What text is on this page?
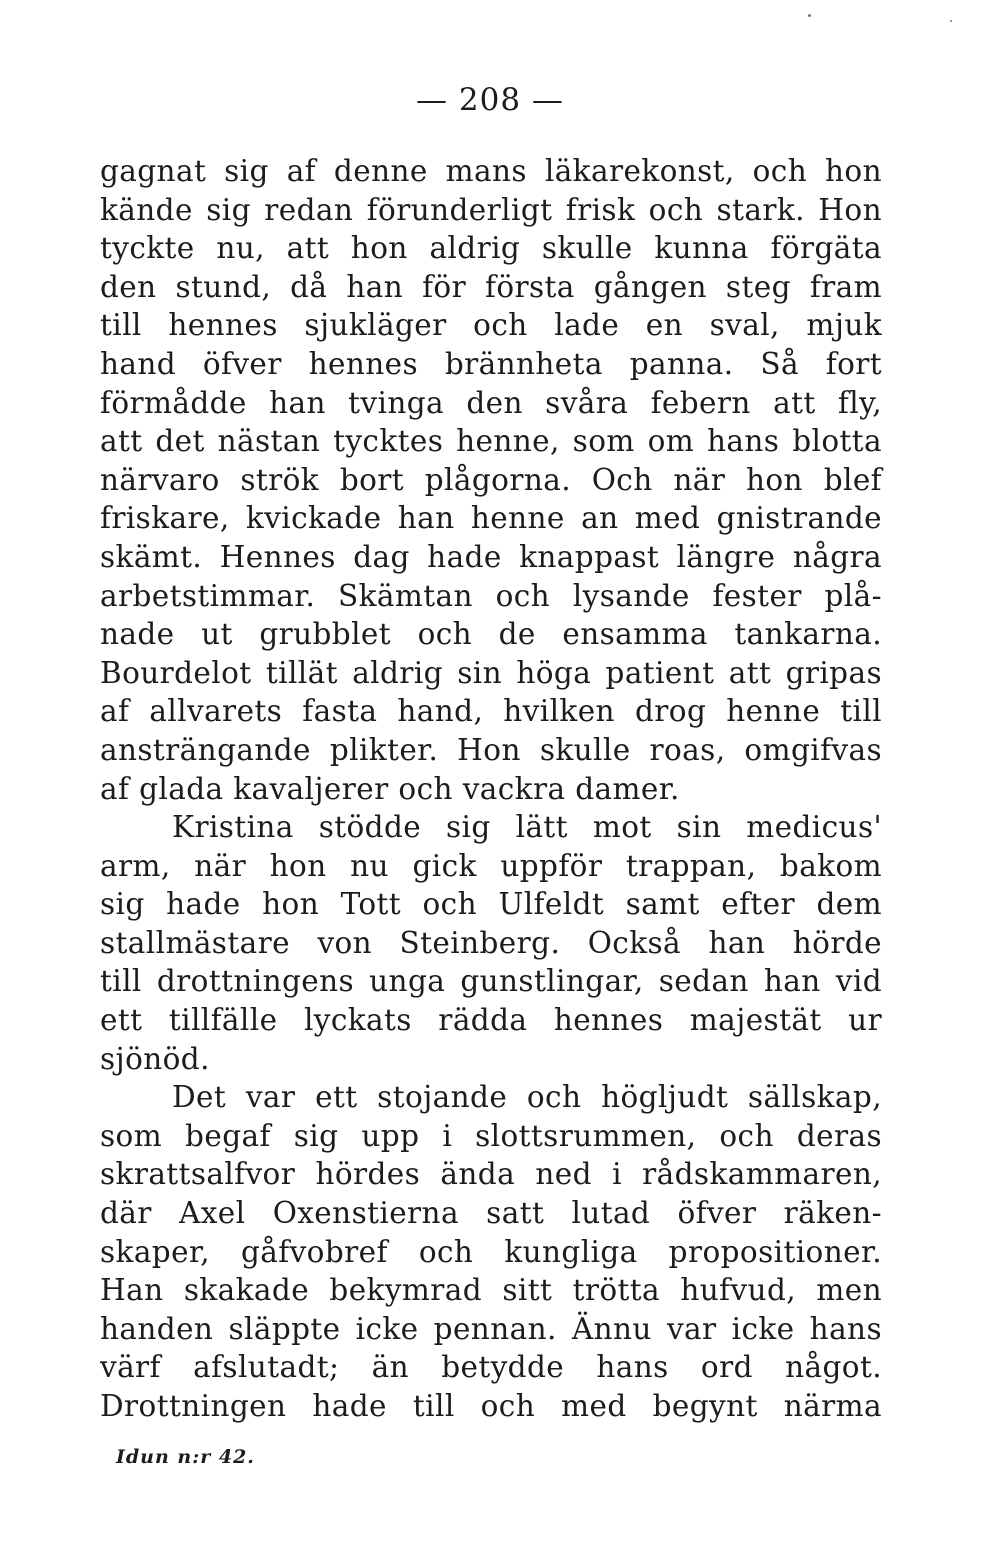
— 208 —
gagnat sig af denne mans läkarekonst, och hon
kände sig redan förunderligt frisk och stark. Hon
tyckte nu, att hon aldrig skulle kunna förgäta
den stund, då han för första gången steg fram
till hennes sjukläger och lade en sval, mjuk
hand öfver hennes brännheta panna. Så fort
förmådde han tvinga den svåra febern att fly,
att det nästan tycktes henne, som om hans blotta
närvaro strök bort plågorna. Och när hon blef
friskare, kvickade han henne an med gnistrande
skämt. Hennes dag hade knappast längre några
arbetstimmar. Skämtan och lysande fester plå-
nade ut grubblet och de ensamma tankarna.
Bourdelot tillät aldrig sin höga patient att gripas
af allvarets fasta hand, hvilken drog henne till
ansträngande plikter. Hon skulle roas, omgifvas
af glada kavaljerer och vackra damer.
Kristina stödde sig lätt mot sin medicus'
arm, när hon nu gick uppför trappan, bakom
sig hade hon Tott och Ulfeldt samt efter dem
stallmästare von Steinberg. Också han hörde
till drottningens unga gunstlingar, sedan han vid
ett tillfälle lyckats rädda hennes majestät ur
sjönöd.
Det var ett stojande och högljudt sällskap,
som begaf sig upp i slottsrummen, och deras
skrattsalfvor hördes ända ned i rådskammaren,
där Axel Oxenstierna satt lutad öfver räken-
skaper, gåfvobref och kungliga propositioner.
Han skakade bekymrad sitt trötta hufvud, men
handen släppte icke pennan. Ännu var icke hans
värf afslutadt; än betydde hans ord något.
Drottningen hade till och med begynt närma
Idun n:r 42.
